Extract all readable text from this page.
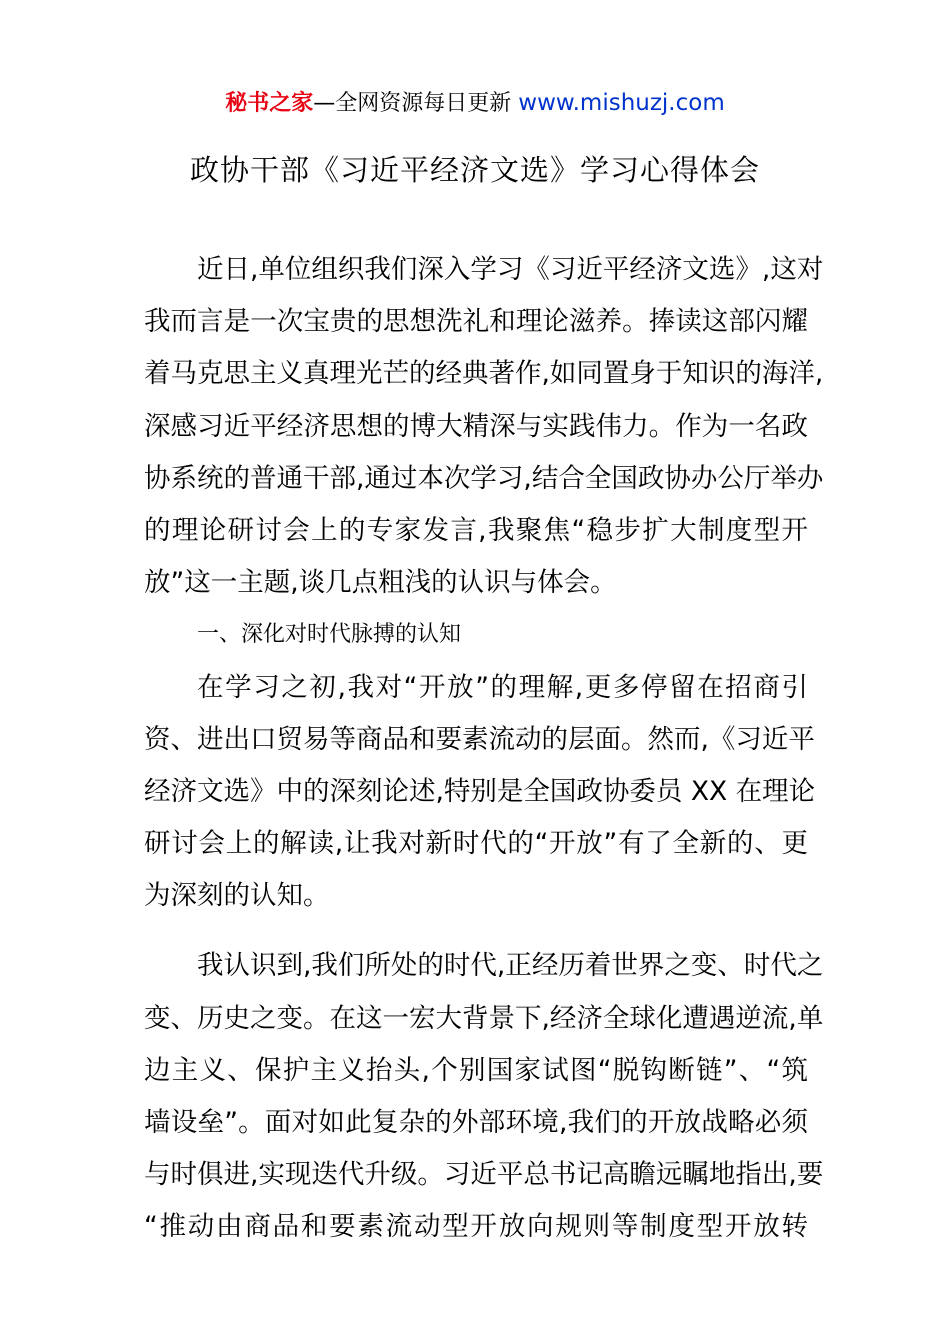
秘书之家—全网资源每日更新 www.mishuzj.com
政协干部《习近平经济文选》学习心得体会
近日,单位组织我们深入学习《习近平经济文选》,这对
我而言是一次宝贵的思想洗礼和理论滋养。捧读这部闪耀
着马克思主义真理光芒的经典著作,如同置身于知识的海洋,
深感习近平经济思想的博大精深与实践伟力。作为一名政
协系统的普通干部,通过本次学习,结合全国政协办公厅举办
的理论研讨会上的专家发言,我聚焦“稳步扩大制度型开
放”这一主题,谈几点粗浅的认识与体会。
一、深化对时代脉搏的认知
在学习之初,我对“开放”的理解,更多停留在招商引
资、进出口贸易等商品和要素流动的层面。然而,《习近平
经济文选》中的深刻论述,特别是全国政协委员 XX 在理论
研讨会上的解读,让我对新时代的“开放”有了全新的、更
为深刻的认知。
我认识到,我们所处的时代,正经历着世界之变、时代之
变、历史之变。在这一宏大背景下,经济全球化遭遇逆流,单
边主义、保护主义抬头,个别国家试图“脱钩断链”、“筑
墙设垒”。面对如此复杂的外部环境,我们的开放战略必须
与时俱进,实现迭代升级。习近平总书记高瞻远瞩地指出,要
“推动由商品和要素流动型开放向规则等制度型开放转
